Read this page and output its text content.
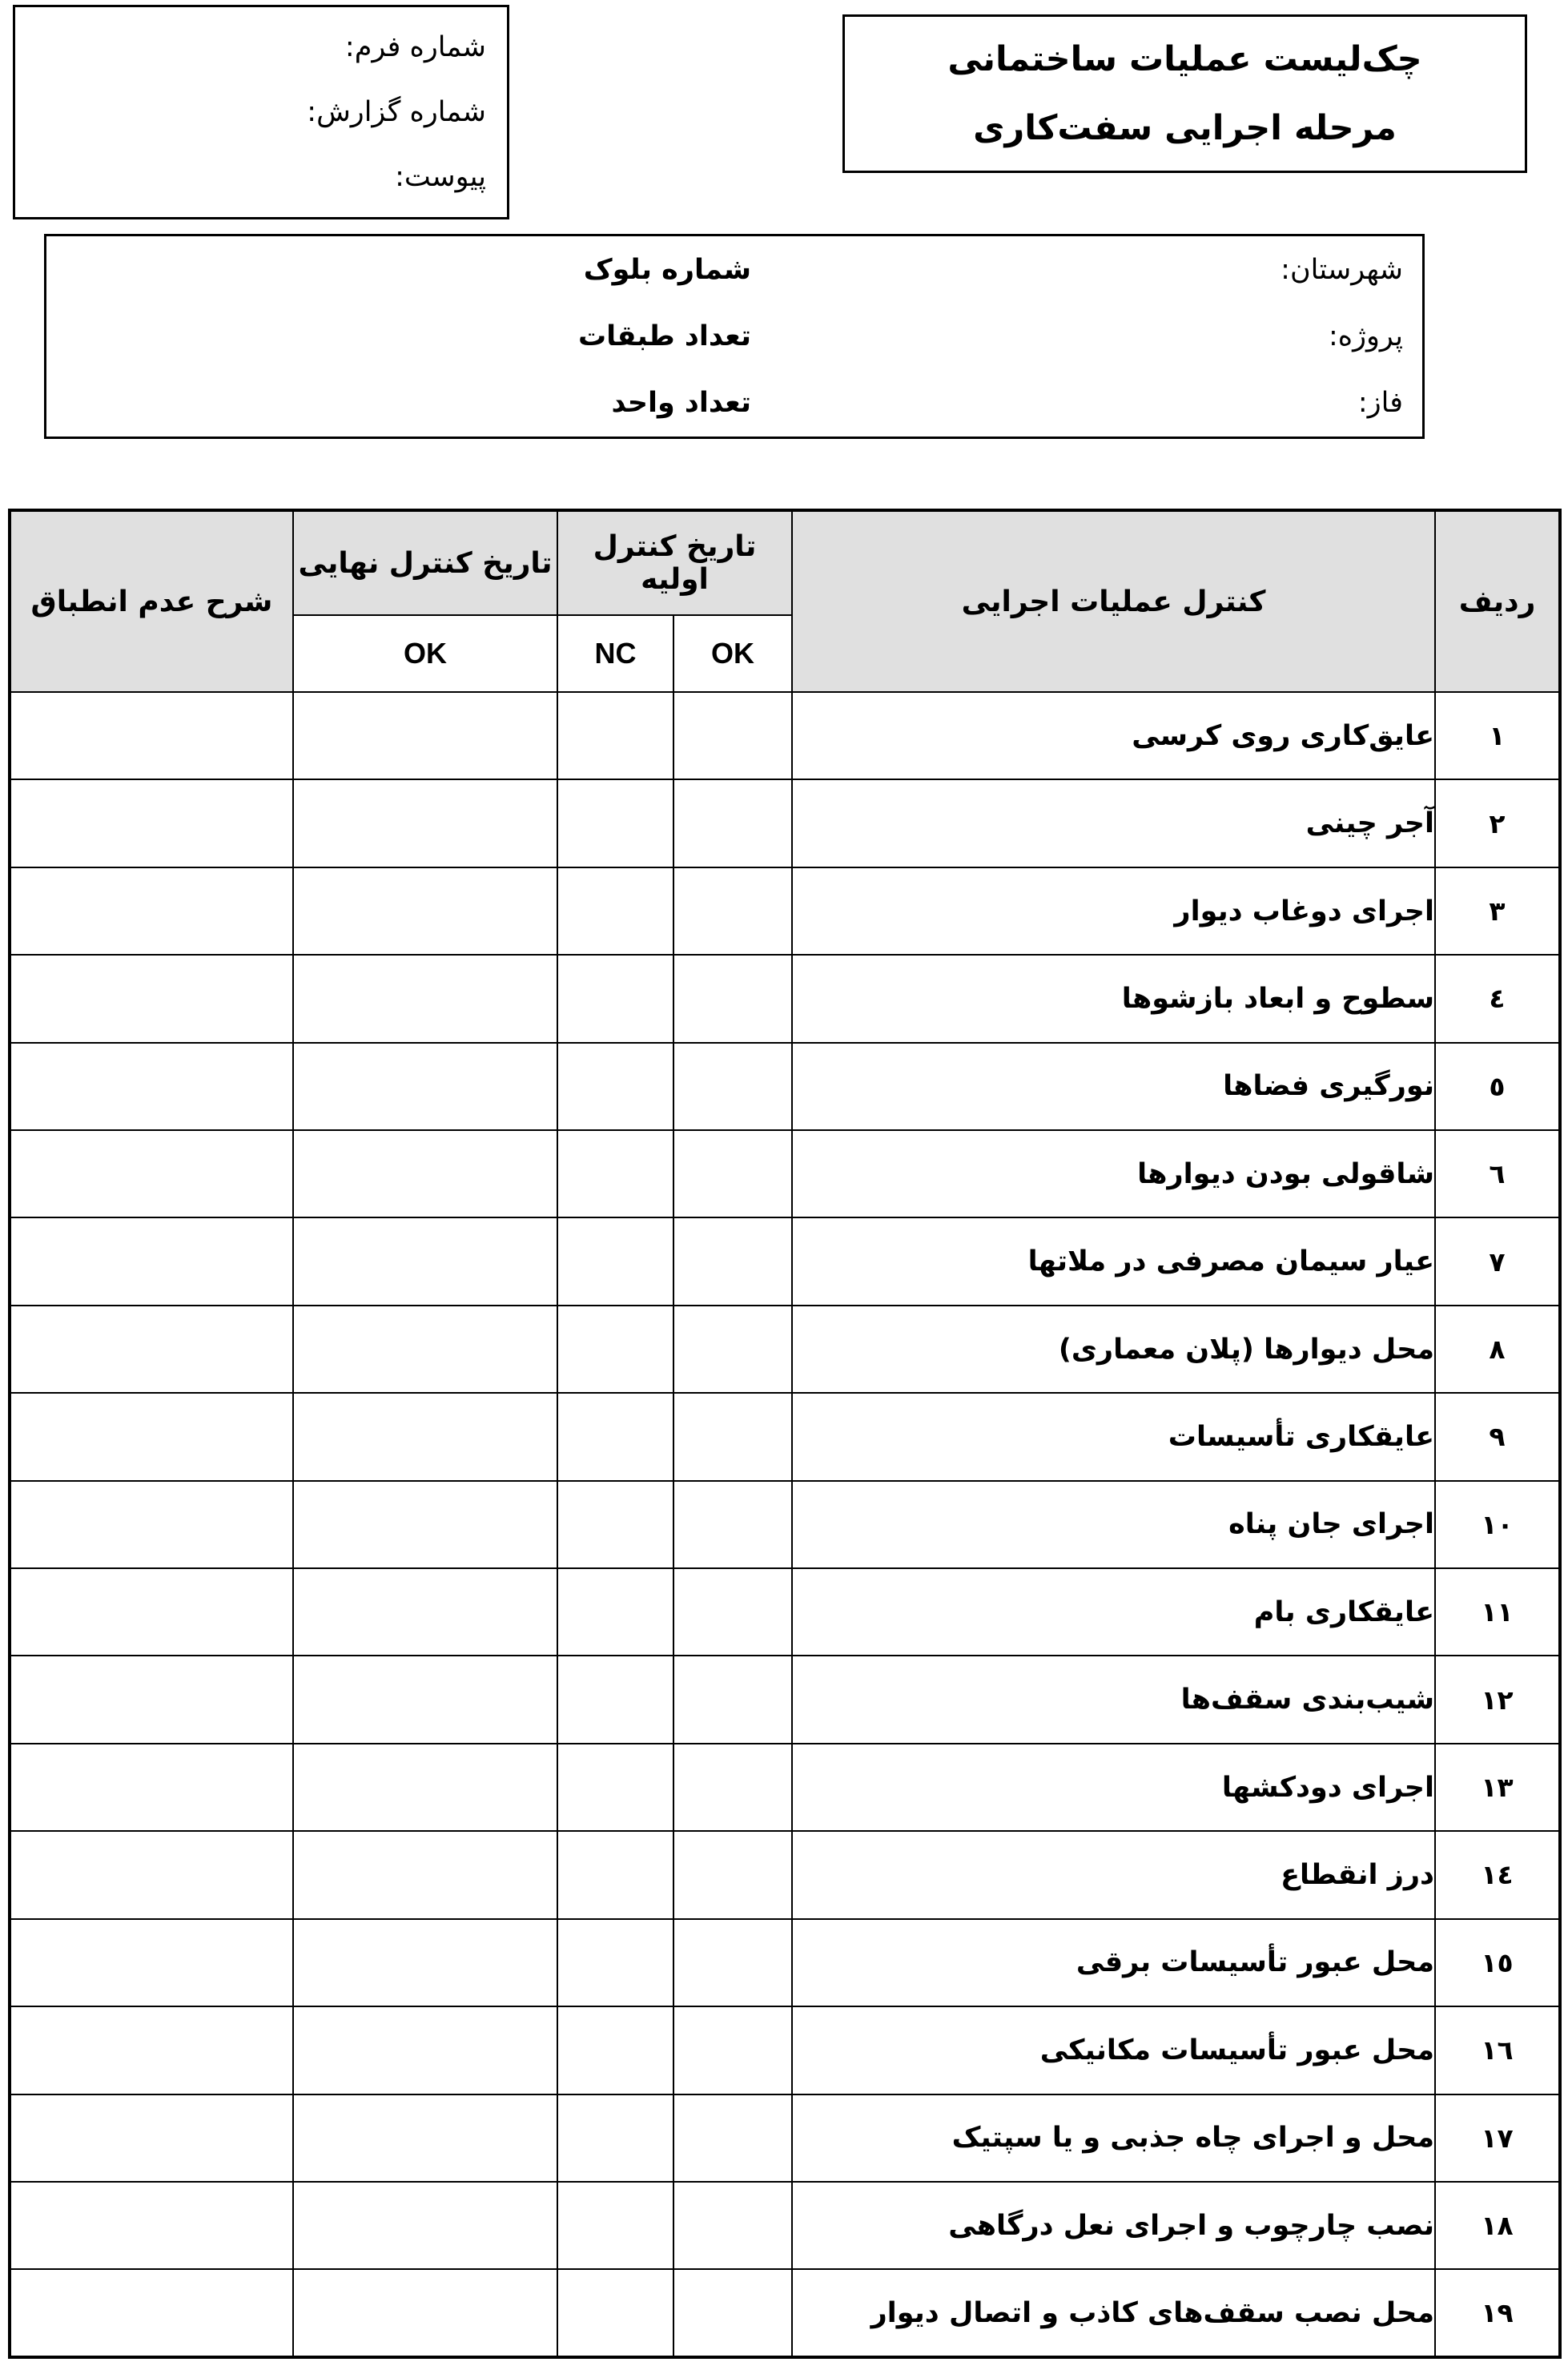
شماره فرم:
شماره گزارش:
پیوست:
چک‌لیست عملیات ساختمانی
مرحله اجرایی سفت‌کاری
شهرستان:
پروژه:
فاز:
شماره بلوک
تعداد طبقات
تعداد واحد
ردیف	کنترل عملیات اجرایی	تاریخ کنترل اولیه		تاریخ کنترل نهایی	شرح عدم انطباق
		OK	NC	OK	
١	عایق‌کاری روی کرسی				
٢	آجر چینی				
٣	اجرای دوغاب دیوار				
٤	سطوح و ابعاد بازشوها				
٥	نورگیری فضاها				
٦	شاقولی بودن دیوارها				
٧	عیار سیمان مصرفی در ملاتها				
٨	محل دیوارها (پلان معماری)				
٩	عایقکاری تأسیسات				
١٠	اجرای جان پناه				
١١	عایقکاری بام				
١٢	شیب‌بندی سقف‌ها				
١٣	اجرای دودکشها				
١٤	درز انقطاع				
١٥	محل عبور تأسیسات برقی				
١٦	محل عبور تأسیسات مکانیکی				
١٧	محل و اجرای چاه جذبی و یا سپتیک				
١٨	نصب چارچوب و اجرای نعل درگاهی				
١٩	محل نصب سقف‌های کاذب و اتصال دیوار				
